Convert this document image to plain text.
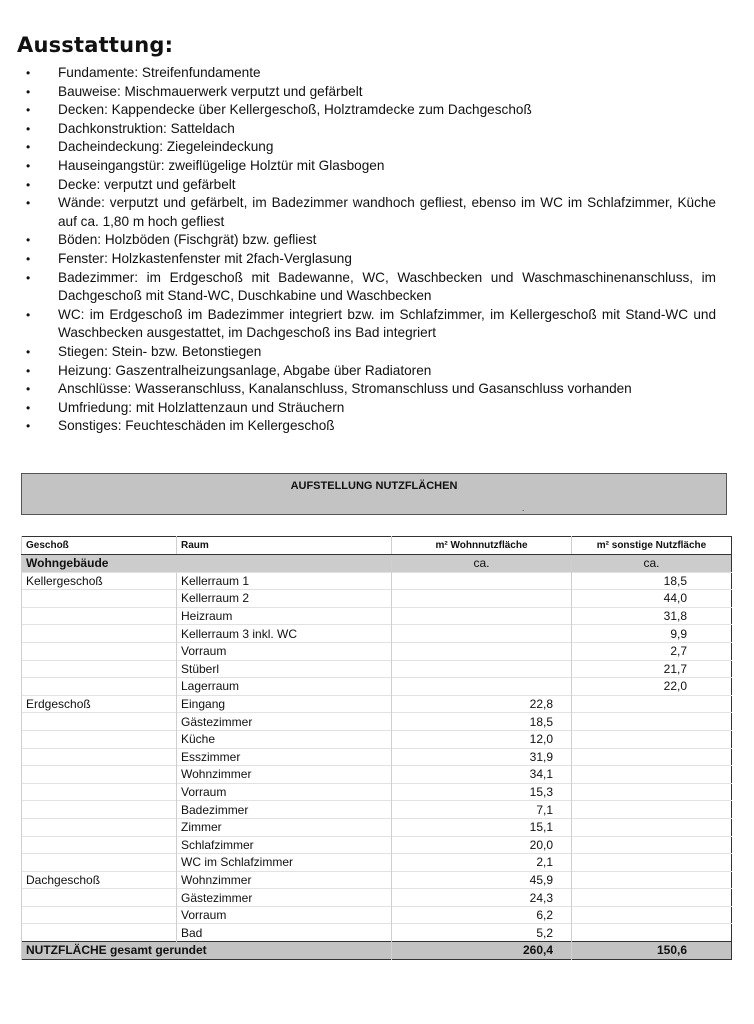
Ausstattung:
• Fundamente: Streifenfundamente
• Bauweise: Mischmauerwerk verputzt und gefärbelt
• Decken: Kappendecke über Kellergeschoß, Holztramdecke zum Dachgeschoß
• Dachkonstruktion: Satteldach
• Dacheindeckung: Ziegeleindeckung
• Hauseingangstür: zweiflügelige Holztür mit Glasbogen
• Decke: verputzt und gefärbelt
• Wände: verputzt und gefärbelt, im Badezimmer wandhoch gefliest, ebenso im WC im Schlafzimmer, Küche auf ca. 1,80 m hoch gefliest
• Böden: Holzböden (Fischgrät) bzw. gefliest
• Fenster: Holzkastenfenster mit 2fach-Verglasung
• Badezimmer: im Erdgeschoß mit Badewanne, WC, Waschbecken und Waschmaschinenanschluss, im Dachgeschoß mit Stand-WC, Duschkabine und Waschbecken
• WC: im Erdgeschoß im Badezimmer integriert bzw. im Schlafzimmer, im Kellergeschoß mit Stand-WC und Waschbecken ausgestattet, im Dachgeschoß ins Bad integriert
• Stiegen: Stein- bzw. Betonstiegen
• Heizung: Gaszentralheizungsanlage, Abgabe über Radiatoren
• Anschlüsse: Wasseranschluss, Kanalanschluss, Stromanschluss und Gasanschluss vorhanden
• Umfriedung: mit Holzlattenzaun und Sträuchern
• Sonstiges: Feuchteschäden im Kellergeschoß
AUFSTELLUNG NUTZFLÄCHEN
.
Geschoß	Raum	m² Wohnnutzfläche	m² sonstige Nutzfläche
Wohngebäude		ca.	ca.
Kellergeschoß	Kellerraum 1		18,5
	Kellerraum 2		44,0
	Heizraum		31,8
	Kellerraum 3 inkl. WC		9,9
	Vorraum		2,7
	Stüberl		21,7
	Lagerraum		22,0
Erdgeschoß	Eingang	22,8	
	Gästezimmer	18,5	
	Küche	12,0	
	Esszimmer	31,9	
	Wohnzimmer	34,1	
	Vorraum	15,3	
	Badezimmer	7,1	
	Zimmer	15,1	
	Schlafzimmer	20,0	
	WC im Schlafzimmer	2,1	
Dachgeschoß	Wohnzimmer	45,9	
	Gästezimmer	24,3	
	Vorraum	6,2	
	Bad	5,2	
NUTZFLÄCHE gesamt gerundet		260,4	150,6
